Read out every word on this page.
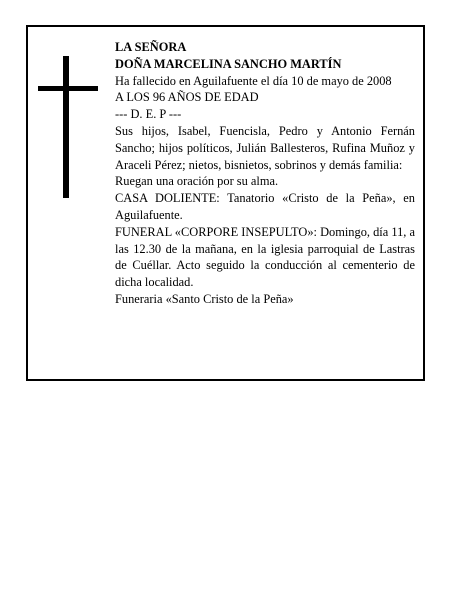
LA SEÑORA

DOÑA MARCELINA SANCHO MARTÍN

Ha fallecido en Aguilafuente el día 10 de mayo de 2008

A LOS 96 AÑOS DE EDAD

--- D. E. P ---

Sus hijos, Isabel, Fuencisla, Pedro y Antonio Fernán Sancho; hijos políticos, Julián Ballesteros, Rufina Muñoz y Araceli Pérez; nietos, bisnietos, sobrinos y demás familia:

Ruegan una oración por su alma.

CASA DOLIENTE: Tanatorio «Cristo de la Peña», en Aguilafuente.

FUNERAL «CORPORE INSEPULTO»: Domingo, día 11, a las 12.30 de la mañana, en la iglesia parroquial de Lastras de Cuéllar. Acto seguido la conducción al cementerio de dicha localidad.

Funeraria «Santo Cristo de la Peña»
